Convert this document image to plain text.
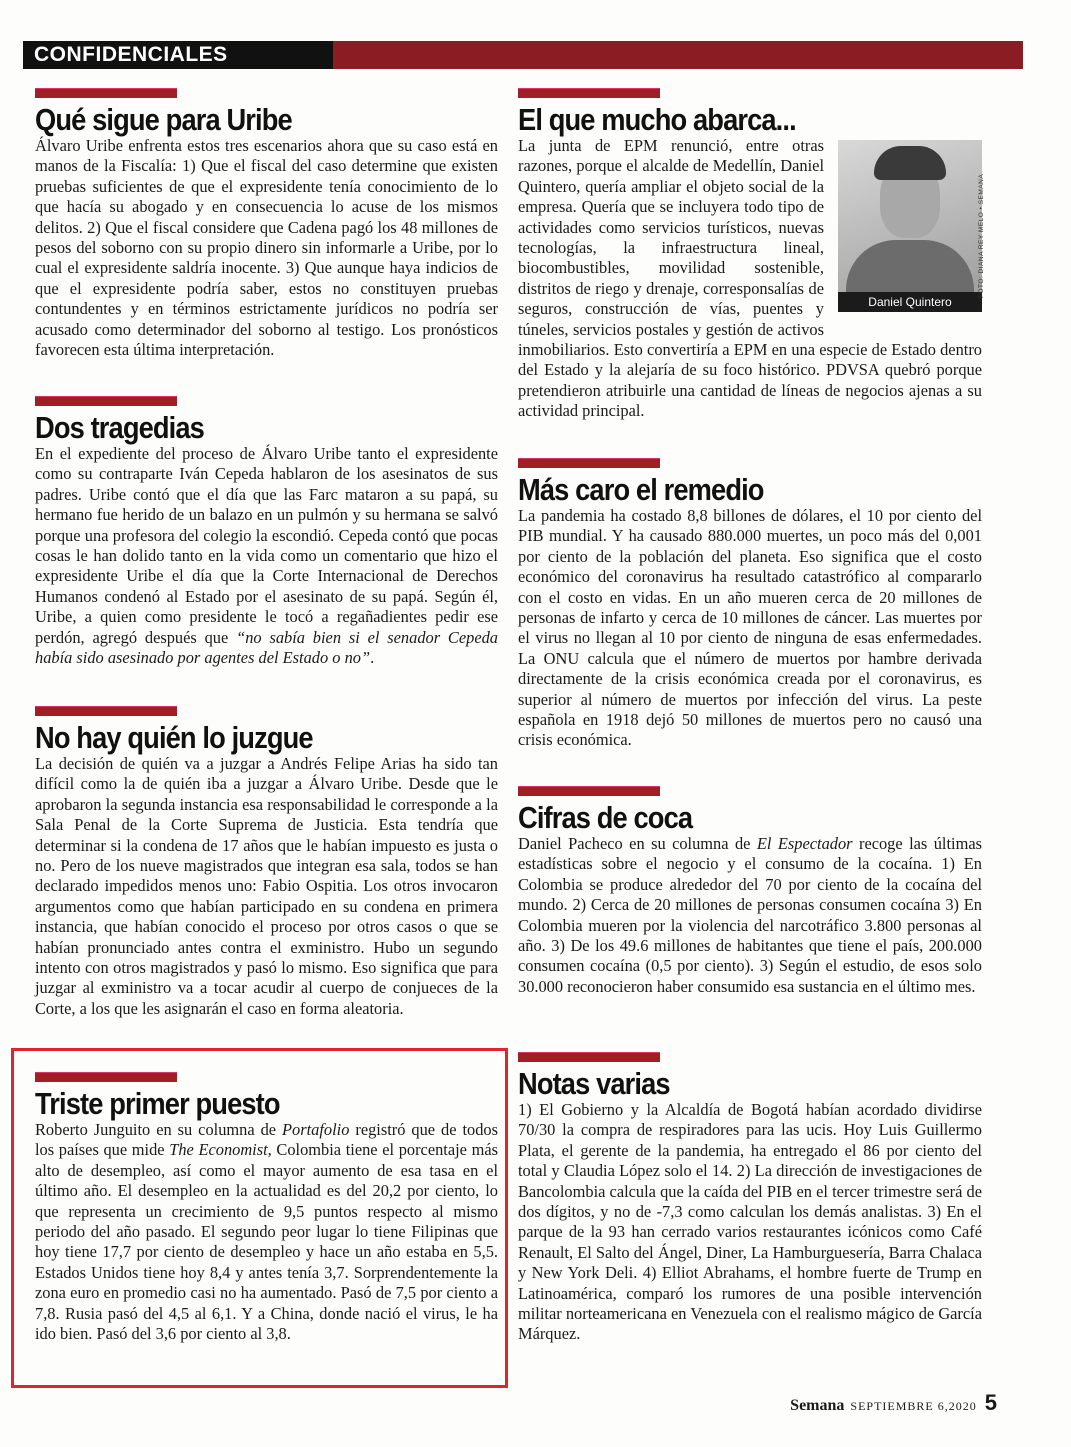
CONFIDENCIALES
Qué sigue para Uribe

Álvaro Uribe enfrenta estos tres escenarios ahora que su caso está en manos de la Fiscalía: 1) Que el fiscal del caso determine que existen pruebas suficientes de que el expresidente tenía conocimiento de lo que hacía su abogado y en consecuencia lo acuse de los mismos delitos. 2) Que el fiscal considere que Cadena pagó los 48 millones de pesos del soborno con su propio dinero sin informarle a Uribe, por lo cual el expresidente saldría inocente. 3) Que aunque haya indicios de que el expresidente podría saber, estos no constituyen pruebas contundentes y en términos estrictamente jurídicos no podría ser acusado como determinador del soborno al testigo. Los pronósticos favorecen esta última interpretación.

Dos tragedias

En el expediente del proceso de Álvaro Uribe tanto el expresidente como su contraparte Iván Cepeda hablaron de los asesinatos de sus padres. Uribe contó que el día que las Farc mataron a su papá, su hermano fue herido de un balazo en un pulmón y su hermana se salvó porque una profesora del colegio la escondió. Cepeda contó que pocas cosas le han dolido tanto en la vida como un comentario que hizo el expresidente Uribe el día que la Corte Internacional de Derechos Humanos condenó al Estado por el asesinato de su papá. Según él, Uribe, a quien como presidente le tocó a regañadientes pedir ese perdón, agregó después que “no sabía bien si el senador Cepeda había sido asesinado por agentes del Estado o no”.

No hay quién lo juzgue

La decisión de quién va a juzgar a Andrés Felipe Arias ha sido tan difícil como la de quién iba a juzgar a Álvaro Uribe. Desde que le aprobaron la segunda instancia esa responsabilidad le corresponde a la Sala Penal de la Corte Suprema de Justicia. Esta tendría que determinar si la condena de 17 años que le habían impuesto es justa o no. Pero de los nueve magistrados que integran esa sala, todos se han declarado impedidos menos uno: Fabio Ospitia. Los otros invocaron argumentos como que habían participado en su condena en primera instancia, que habían conocido el proceso por otros casos o que se habían pronunciado antes contra el exministro. Hubo un segundo intento con otros magistrados y pasó lo mismo. Eso significa que para juzgar al exministro va a tocar acudir al cuerpo de conjueces de la Corte, a los que les asignarán el caso en forma aleatoria.

Triste primer puesto

Roberto Junguito en su columna de Portafolio registró que de todos los países que mide The Economist, Colombia tiene el porcentaje más alto de desempleo, así como el mayor aumento de esa tasa en el último año. El desempleo en la actualidad es del 20,2 por ciento, lo que representa un crecimiento de 9,5 puntos respecto al mismo periodo del año pasado. El segundo peor lugar lo tiene Filipinas que hoy tiene 17,7 por ciento de desempleo y hace un año estaba en 5,5. Estados Unidos tiene hoy 8,4 y antes tenía 3,7. Sorprendentemente la zona euro en promedio casi no ha aumentado. Pasó de 7,5 por ciento a 7,8. Rusia pasó del 4,5 al 6,1. Y a China, donde nació el virus, le ha ido bien. Pasó del 3,6 por ciento al 3,8.

El que mucho abarca...

La junta de EPM renunció, entre otras razones, porque el alcalde de Medellín, Daniel Quintero, quería ampliar el objeto social de la empresa. Quería que se incluyera todo tipo de actividades como servicios turísticos, nuevas tecnologías, la infraestructura lineal, biocombustibles, movilidad sostenible, distritos de riego y drenaje, corresponsalías de seguros, construcción de vías, puentes y túneles, servicios postales y gestión de activos inmobiliarios. Esto convertiría a EPM en una especie de Estado dentro del Estado y la alejaría de su foco histórico. PDVSA quebró porque pretendieron atribuirle una cantidad de líneas de negocios ajenas a su actividad principal.

Daniel Quintero
FOTO: DIANA REY MELO • SEMANA
Más caro el remedio

La pandemia ha costado 8,8 billones de dólares, el 10 por ciento del PIB mundial. Y ha causado 880.000 muertes, un poco más del 0,001 por ciento de la población del planeta. Eso significa que el costo económico del coronavirus ha resultado catastrófico al compararlo con el costo en vidas. En un año mueren cerca de 20 millones de personas de infarto y cerca de 10 millones de cáncer. Las muertes por el virus no llegan al 10 por ciento de ninguna de esas enfermedades. La ONU calcula que el número de muertos por hambre derivada directamente de la crisis económica creada por el coronavirus, es superior al número de muertos por infección del virus. La peste española en 1918 dejó 50 millones de muertos pero no causó una crisis económica.

Cifras de coca

Daniel Pacheco en su columna de El Espectador recoge las últimas estadísticas sobre el negocio y el consumo de la cocaína. 1) En Colombia se produce alrededor del 70 por ciento de la cocaína del mundo. 2) Cerca de 20 millones de personas consumen cocaína 3) En Colombia mueren por la violencia del narcotráfico 3.800 personas al año. 3) De los 49.6 millones de habitantes que tiene el país, 200.000 consumen cocaína (0,5 por ciento). 3) Según el estudio, de esos solo 30.000 reconocieron haber consumido esa sustancia en el último mes.

Notas varias

1) El Gobierno y la Alcaldía de Bogotá habían acordado dividirse 70/30 la compra de respiradores para las ucis. Hoy Luis Guillermo Plata, el gerente de la pandemia, ha entregado el 86 por ciento del total y Claudia López solo el 14. 2) La dirección de investigaciones de Bancolombia calcula que la caída del PIB en el tercer trimestre será de dos dígitos, y no de -7,3 como calculan los demás analistas. 3) En el parque de la 93 han cerrado varios restaurantes icónicos como Café Renault, El Salto del Ángel, Diner, La Hamburguesería, Barra Chalaca y New York Deli. 4) Elliot Abrahams, el hombre fuerte de Trump en Latinoamérica, comparó los rumores de una posible intervención militar norteamericana en Venezuela con el realismo mágico de García Márquez.

Semana SEPTIEMBRE 6,2020 5
